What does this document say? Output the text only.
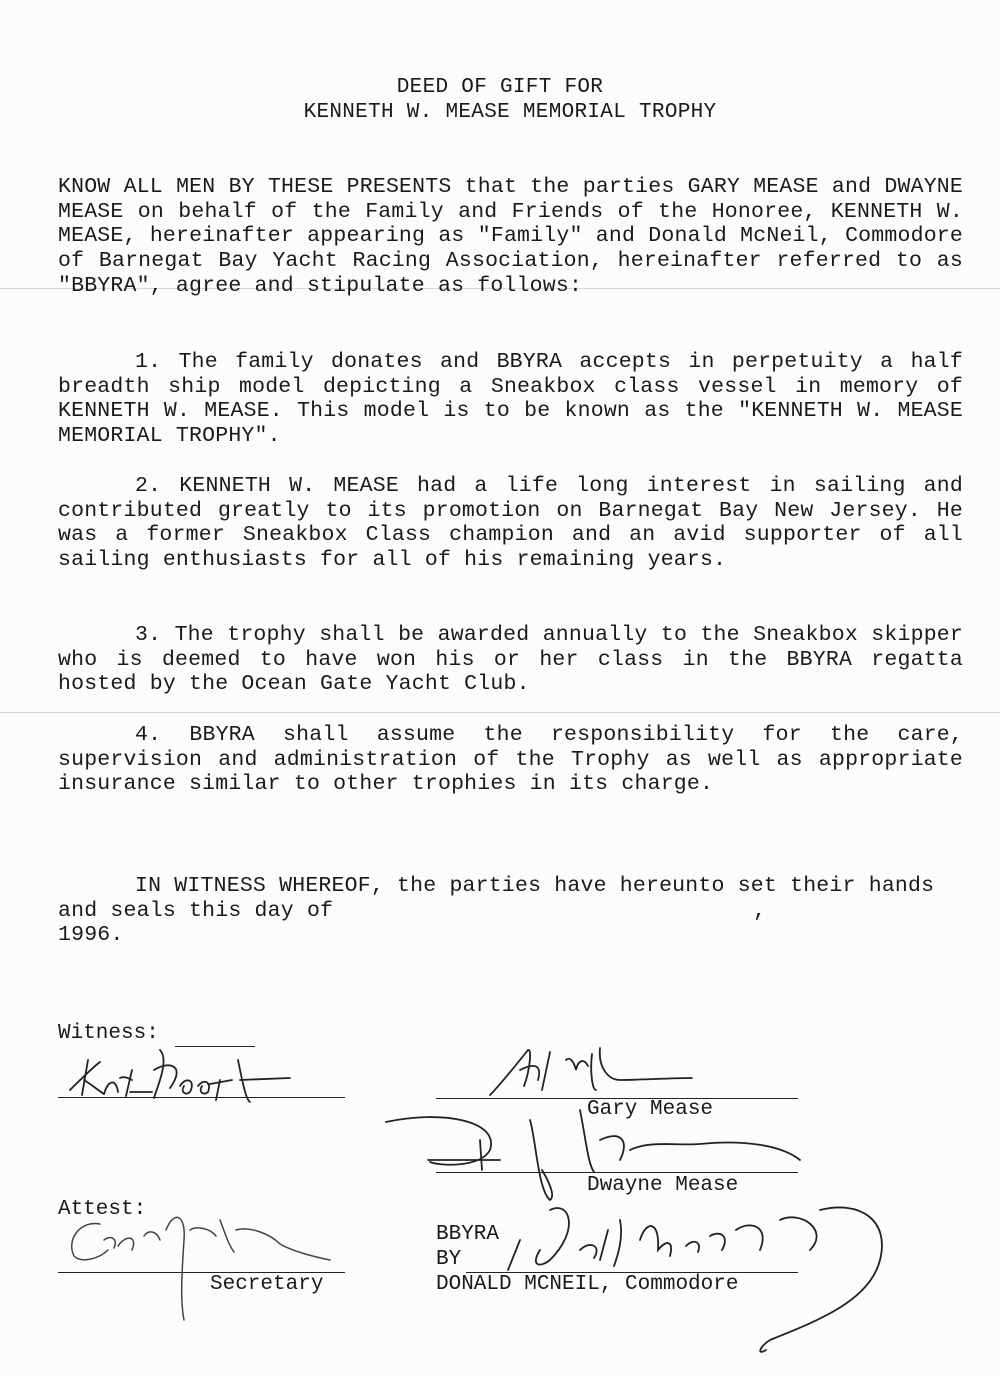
DEED OF GIFT FOR
KENNETH W. MEASE MEMORIAL TROPHY
KNOW ALL MEN BY THESE PRESENTS that the parties GARY MEASE and DWAYNE MEASE on behalf of the Family and Friends of the Honoree, KENNETH W. MEASE, hereinafter appearing as "Family" and Donald McNeil, Commodore of Barnegat Bay Yacht Racing Association, hereinafter referred to as "BBYRA", agree and stipulate as follows:
1. The family donates and BBYRA accepts in perpetuity a half breadth ship model depicting a Sneakbox class vessel in memory of KENNETH W. MEASE. This model is to be known as the "KENNETH W. MEASE MEMORIAL TROPHY".
2. KENNETH W. MEASE had a life long interest in sailing and contributed greatly to its promotion on Barnegat Bay New Jersey. He was a former Sneakbox Class champion and an avid supporter of all sailing enthusiasts for all of his remaining years.
3. The trophy shall be awarded annually to the Sneakbox skipper who is deemed to have won his or her class in the BBYRA regatta hosted by the Ocean Gate Yacht Club.
4. BBYRA shall assume the responsibility for the care, supervision and administration of the Trophy as well as appropriate insurance similar to other trophies in its charge.
IN WITNESS WHEREOF, the parties have hereunto set their hands and seals this day of	,
1996.
Witness:
Gary Mease
Dwayne Mease
Attest:
Secretary
BBYRA
BY
DONALD MCNEIL, Commodore
